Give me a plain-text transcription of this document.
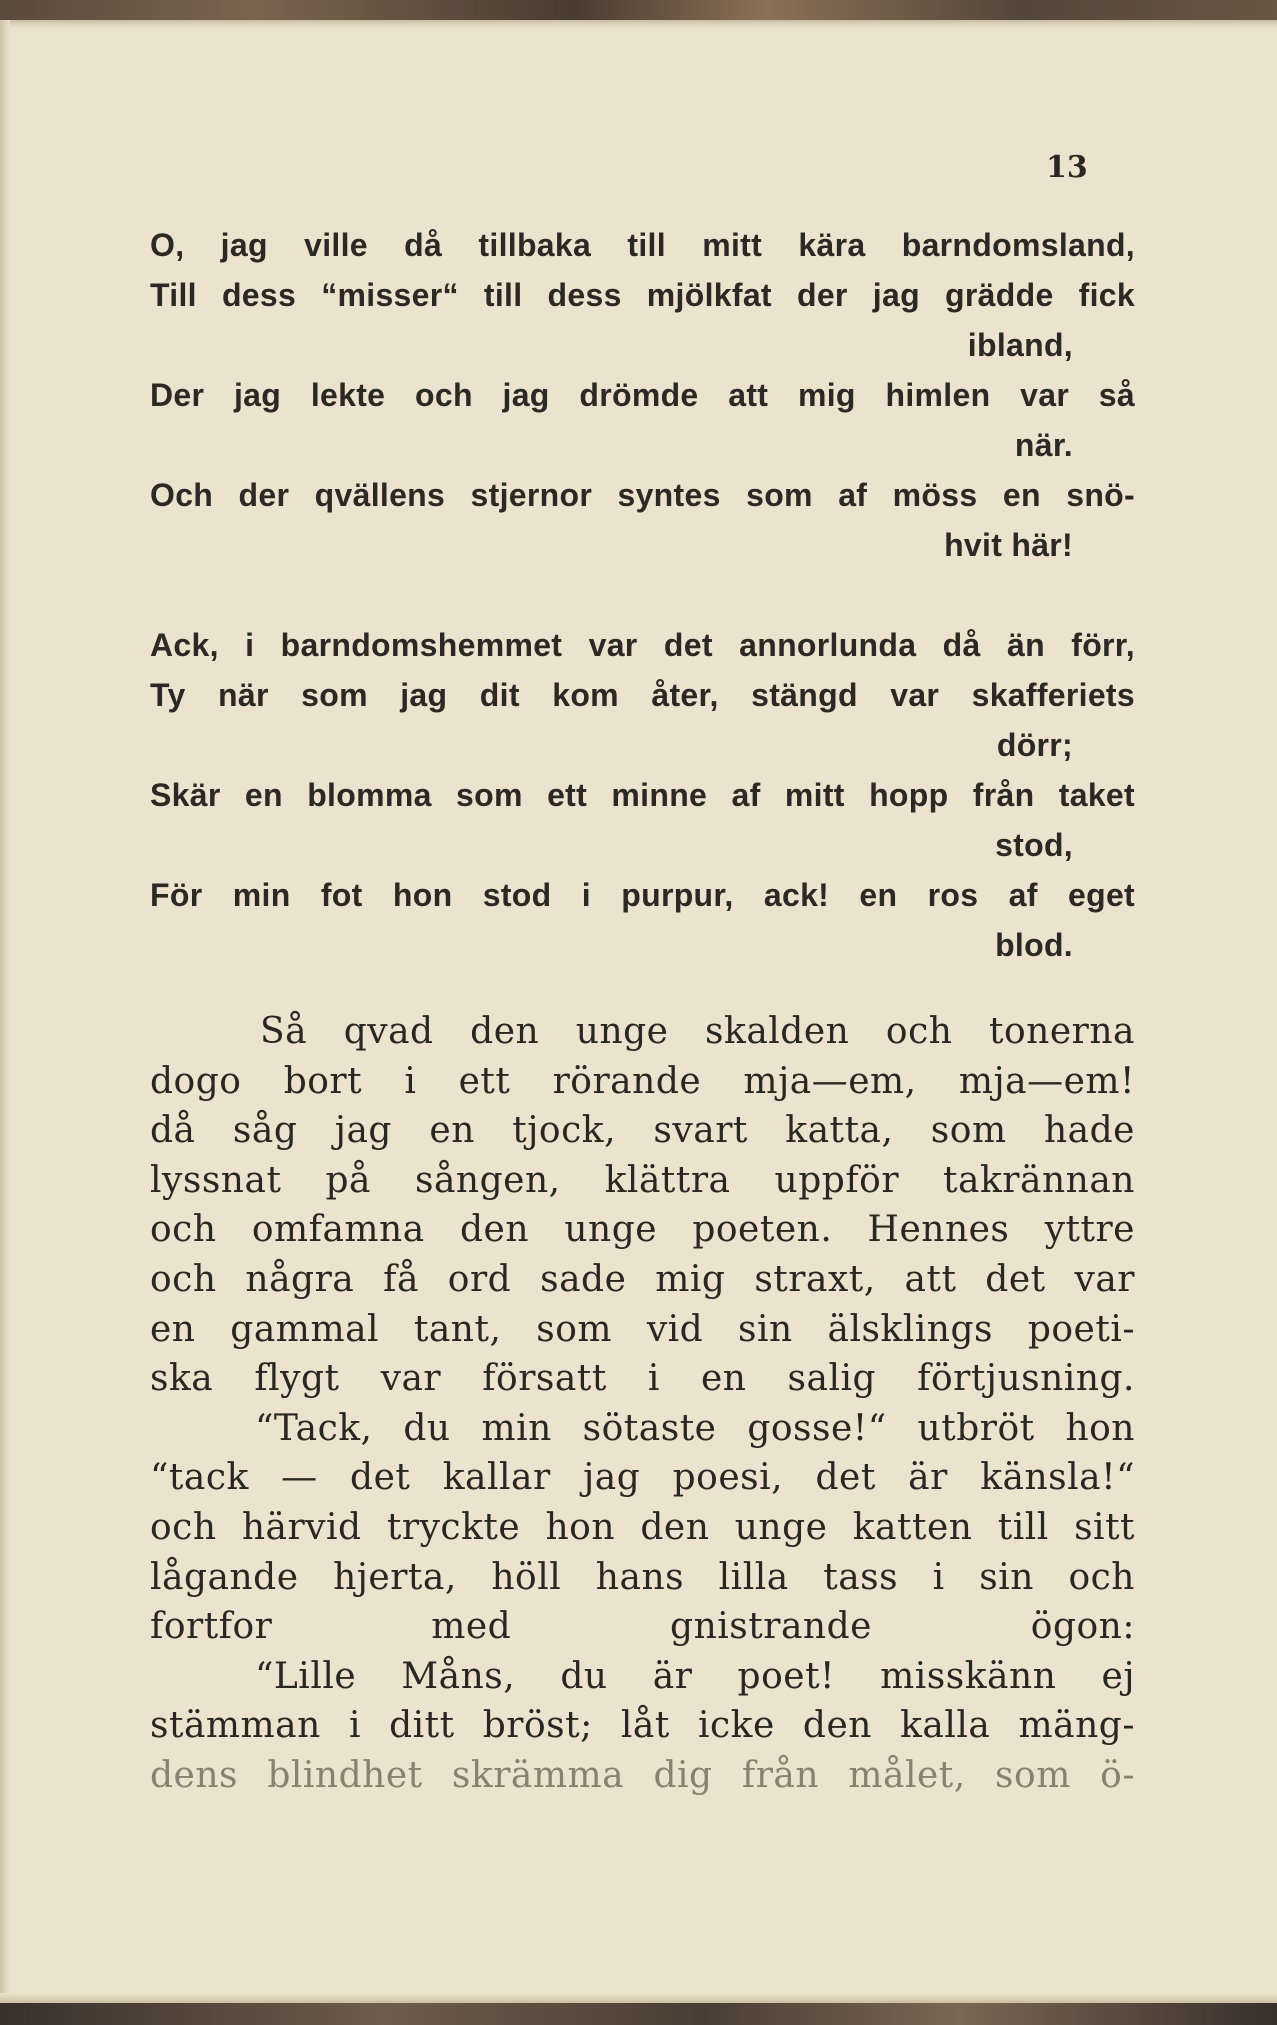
13
O, jag ville då tillbaka till mitt kära barndomsland,
Till dess “misser“ till dess mjölkfat der jag grädde fick
ibland,
Der jag lekte och jag drömde att mig himlen var så
när.
Och der qvällens stjernor syntes som af möss en snö-
hvit här!
Ack, i barndomshemmet var det annorlunda då än förr,
Ty när som jag dit kom åter, stängd var skafferiets
dörr;
Skär en blomma som ett minne af mitt hopp från taket
stod,
För min fot hon stod i purpur, ack! en ros af eget
blod.
Så qvad den unge skalden och tonerna
dogo bort i ett rörande mja—em, mja—em!
då såg jag en tjock, svart katta, som hade
lyssnat på sången, klättra uppför takrännan
och omfamna den unge poeten. Hennes yttre
och några få ord sade mig straxt, att det var
en gammal tant, som vid sin älsklings poeti-
ska flygt var försatt i en salig förtjusning.
“Tack, du min sötaste gosse!“ utbröt hon
“tack — det kallar jag poesi, det är känsla!“
och härvid tryckte hon den unge katten till sitt
lågande hjerta, höll hans lilla tass i sin och
fortfor med gnistrande ögon:
“Lille Måns, du är poet! misskänn ej
stämman i ditt bröst; låt icke den kalla mäng-
dens blindhet skrämma dig från målet, som ö-
